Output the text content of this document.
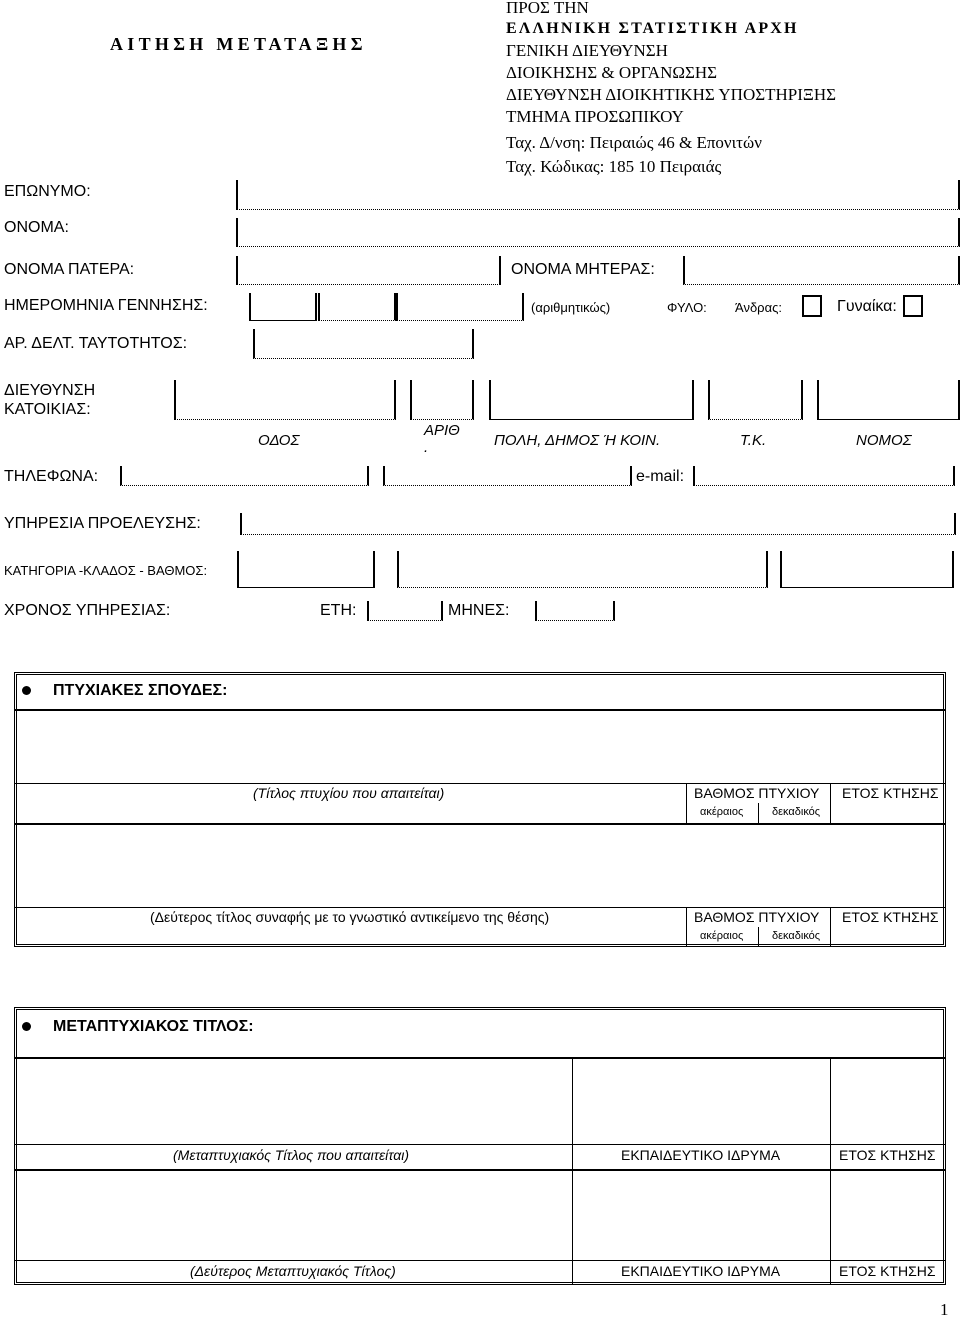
ΑΙΤΗΣΗ ΜΕΤΑΤΑΞΗΣ
ΠΡΟΣ ΤΗΝ
ΕΛΛΗΝΙΚΗ ΣΤΑΤΙΣΤΙΚΗ ΑΡΧΗ
ΓΕΝΙΚΗ ΔΙΕΥΘΥΝΣΗ
ΔΙΟΙΚΗΣΗΣ & ΟΡΓΑΝΩΣΗΣ
ΔΙΕΥΘΥΝΣΗ ΔΙΟΙΚΗΤΙΚΗΣ ΥΠΟΣΤΗΡΙΞΗΣ
ΤΜΗΜΑ ΠΡΟΣΩΠΙΚΟΥ
Ταχ. Δ/νση: Πειραιώς 46 & Επονιτών
Ταχ. Κώδικας: 185 10 Πειραιάς
ΕΠΩΝΥΜΟ:
ΟΝΟΜΑ:
ΟΝΟΜΑ ΠΑΤΕΡΑ:	ΟΝΟΜΑ ΜΗΤΕΡΑΣ:
ΗΜΕΡΟΜΗΝΙΑ ΓΕΝΝΗΣΗΣ:	(αριθμητικώς)	ΦΥΛΟ: Άνδρας:	Γυναίκα:
ΑΡ. ΔΕΛΤ. ΤΑΥΤΟΤΗΤΟΣ:
ΔΙΕΥΘΥΝΣΗ
ΚΑΤΟΙΚΙΑΣ:
ΟΔΟΣ
ΑΡΙΘ
.	ΠΟΛΗ, ΔΗΜΟΣ Ή ΚΟΙΝ.	Τ.Κ.	ΝΟΜΟΣ
ΤΗΛΕΦΩΝΑ:	e-mail:
ΥΠΗΡΕΣΙΑ ΠΡΟΕΛΕΥΣΗΣ:
ΚΑΤΗΓΟΡΙΑ -ΚΛΑΔΟΣ - ΒΑΘΜΟΣ:
ΧΡΟΝΟΣ ΥΠΗΡΕΣΙΑΣ:	ΕΤΗ:	ΜΗΝΕΣ:
ΠΤΥΧΙΑΚΕΣ ΣΠΟΥΔΕΣ:
(Τίτλος πτυχίου που απαιτείται)	ΒΑΘΜΟΣ ΠΤΥΧΙΟΥ
ακέραιος	δεκαδικός
ΕΤΟΣ ΚΤΗΣΗΣ
(Δεύτερος τίτλος συναφής με το γνωστικό αντικείμενο της θέσης)	ΒΑΘΜΟΣ ΠΤΥΧΙΟΥ
ακέραιος	δεκαδικός
ΕΤΟΣ ΚΤΗΣΗΣ
ΜΕΤΑΠΤΥΧΙΑΚΟΣ ΤΙΤΛΟΣ:
(Μεταπτυχιακός Τίτλος που απαιτείται)	ΕΚΠΑΙΔΕΥΤΙΚΟ ΙΔΡΥΜΑ	ΕΤΟΣ ΚΤΗΣΗΣ
(Δεύτερος Μεταπτυχιακός Τίτλος)	ΕΚΠΑΙΔΕΥΤΙΚΟ ΙΔΡΥΜΑ	ΕΤΟΣ ΚΤΗΣΗΣ
1
